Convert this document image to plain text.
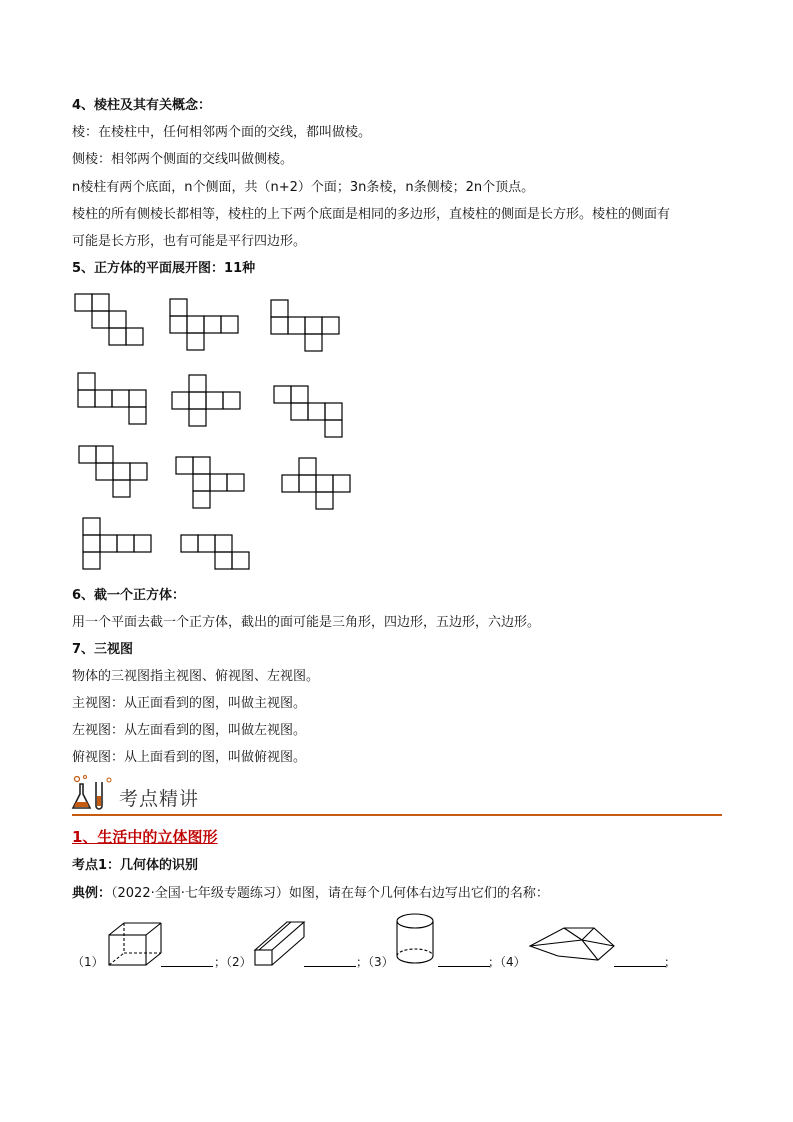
4、棱柱及其有关概念：
棱：在棱柱中，任何相邻两个面的交线，都叫做棱。
侧棱：相邻两个侧面的交线叫做侧棱。
n棱柱有两个底面，n个侧面，共（n+2）个面；3n条棱，n条侧棱；2n个顶点。
棱柱的所有侧棱长都相等，棱柱的上下两个底面是相同的多边形，直棱柱的侧面是长方形。棱柱的侧面有
可能是长方形，也有可能是平行四边形。
5、正方体的平面展开图：11种
6、截一个正方体：
用一个平面去截一个正方体，截出的面可能是三角形，四边形，五边形，六边形。
7、三视图
物体的三视图指主视图、俯视图、左视图。
主视图：从正面看到的图，叫做主视图。
左视图：从左面看到的图，叫做左视图。
俯视图：从上面看到的图，叫做俯视图。
考点精讲
1、生活中的立体图形
考点1：几何体的识别
典例：（2022·全国·七年级专题练习）如图，请在每个几何体右边写出它们的名称：
（1）	；（2）	；（3）	；（4）	；
